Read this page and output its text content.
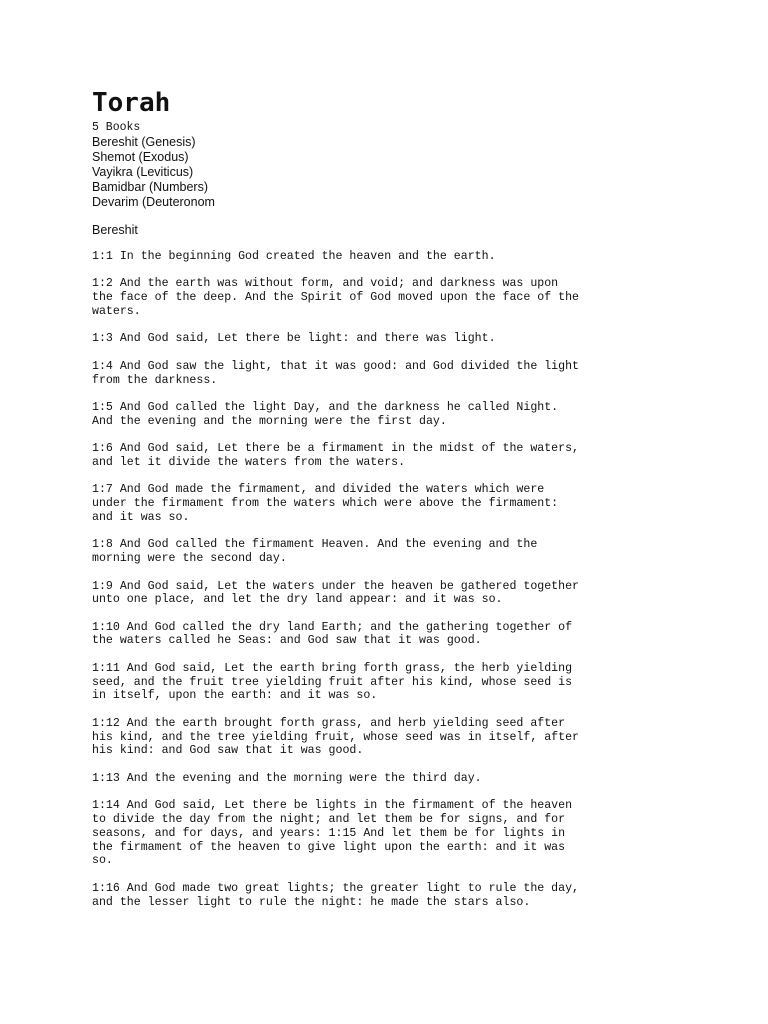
Torah
5 Books
Bereshit (Genesis)
Shemot (Exodus)
Vayikra (Leviticus)
Bamidbar (Numbers)
Devarim (Deuteronom
Bereshit

1:1 In the beginning God created the heaven and the earth.

1:2 And the earth was without form, and void; and darkness was upon
the face of the deep. And the Spirit of God moved upon the face of the
waters.

1:3 And God said, Let there be light: and there was light.

1:4 And God saw the light, that it was good: and God divided the light
from the darkness.

1:5 And God called the light Day, and the darkness he called Night.
And the evening and the morning were the first day.

1:6 And God said, Let there be a firmament in the midst of the waters,
and let it divide the waters from the waters.

1:7 And God made the firmament, and divided the waters which were
under the firmament from the waters which were above the firmament:
and it was so.

1:8 And God called the firmament Heaven. And the evening and the
morning were the second day.

1:9 And God said, Let the waters under the heaven be gathered together
unto one place, and let the dry land appear: and it was so.

1:10 And God called the dry land Earth; and the gathering together of
the waters called he Seas: and God saw that it was good.

1:11 And God said, Let the earth bring forth grass, the herb yielding
seed, and the fruit tree yielding fruit after his kind, whose seed is
in itself, upon the earth: and it was so.

1:12 And the earth brought forth grass, and herb yielding seed after
his kind, and the tree yielding fruit, whose seed was in itself, after
his kind: and God saw that it was good.

1:13 And the evening and the morning were the third day.

1:14 And God said, Let there be lights in the firmament of the heaven
to divide the day from the night; and let them be for signs, and for
seasons, and for days, and years: 1:15 And let them be for lights in
the firmament of the heaven to give light upon the earth: and it was
so.

1:16 And God made two great lights; the greater light to rule the day,
and the lesser light to rule the night: he made the stars also.
